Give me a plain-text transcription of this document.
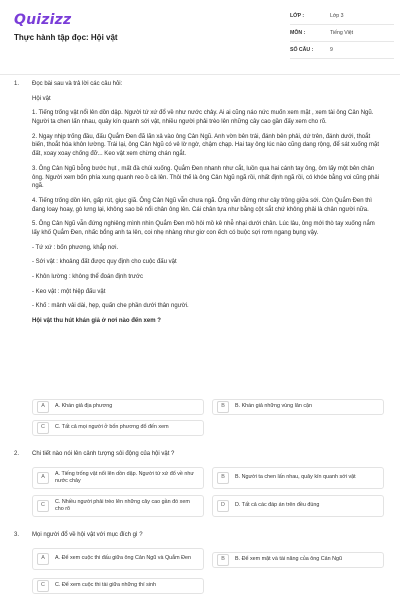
Quizizz
Thực hành tập đọc: Hội vật
LỚP :	Lớp 3
MÔN :	Tiếng Việt
SỐ CÂU :	9
1. Đọc bài sau và trả lời các câu hỏi:

Hội vật

1. Tiếng trống vật nổi lên dồn dập. Người tứ xứ đổ về như nước chảy. Ai ai cũng náo nức muốn xem mặt , xem tài ông Cản Ngũ. Người ta chen lấn nhau, quây kín quanh sới vật, nhiều người phải trèo lên những cây cao gần đấy xem cho rõ.

2. Ngay nhịp trống đầu, đấu Quắm Đen đã lăn xả vào ông Cản Ngũ. Anh vờn bên trái, đánh bên phải, dứ trên, đánh dưới, thoắt biến, thoắt hóa khôn lường. Trái lại, ông Cản Ngũ có vẻ lờ ngờ, chậm chạp. Hai tay ông lúc nào cũng dang rộng, để sát xuống mặt đất, xoay xoay chống đỡ... Keo vật xem chừng chán ngắt.

3. Ông Cản Ngũ bỗng bước hụt , mất đà chúi xuống. Quắm Đen nhanh như cắt, luồn qua hai cánh tay ông, ôm lấy một bên chân ông. Người xem bốn phía xung quanh reo ồ cả lên. Thôi thế là ông Cản Ngũ ngã rồi, nhất định ngã rồi, có khóe bằng voi cũng phải ngã.

4. Tiếng trống dồn lên, gấp rút, giục giã. Ông Cản Ngũ vẫn chưa ngã. Ông vẫn đứng như cây trồng giữa sới. Còn Quắm Đen thì đang loay hoay, gò lưng lại, không sao bê nổi chân ông lên. Cái chân tựa như bằng cột sắt chứ không phải là chân người nữa.

5. Ông Cản Ngũ vẫn đứng nghiêng mình nhìn Quắm Đen mồ hôi mồ kê nhễ nhại dưới chân. Lúc lâu, ông mới thò tay xuống nắm lấy khố Quắm Đen, nhấc bổng anh ta lên, coi nhẹ nhàng như giơ con ếch có buộc sợi rơm ngang bụng vậy.

- Tứ xứ : bốn phương, khắp nơi.

- Sới vật : khoảng đất được quy định cho cuộc đấu vật

- Khôn lường : không thể đoán định trước

- Keo vật : một hiệp đấu vật

- Khố : mảnh vải dài, hẹp, quấn che phần dưới thân người.

Hội vật thu hút khán giả ở nơi nào đến xem ?

A	A. Khán giả địa phương	B	B. Khán giả những vùng lân cận
C	C. Tất cả mọi người ở bốn phương đổ đến xem
2. Chi tiết nào nói lên cảnh tượng sôi động của hội vật ?

A
A. Tiếng trống vật nổi lên dồn dập. Người tứ xứ đổ về như nước chảy
B	B. Người ta chen lấn nhau, quây kín quanh sới vật
C
C. Nhiều người phải trèo lên những cây cao gần đó xem cho rõ
D	D. Tất cả các đáp án trên đều đúng
3. Mọi người đổ về hội vật với mục đích gì ?

A	A. Để xem cuộc thi đấu giữa ông Cản Ngũ và Quắm Đen	B	B. Để xem mặt và tài năng của ông Cản Ngũ
C	C. Để xem cuộc thi tài giữa những thí sinh
